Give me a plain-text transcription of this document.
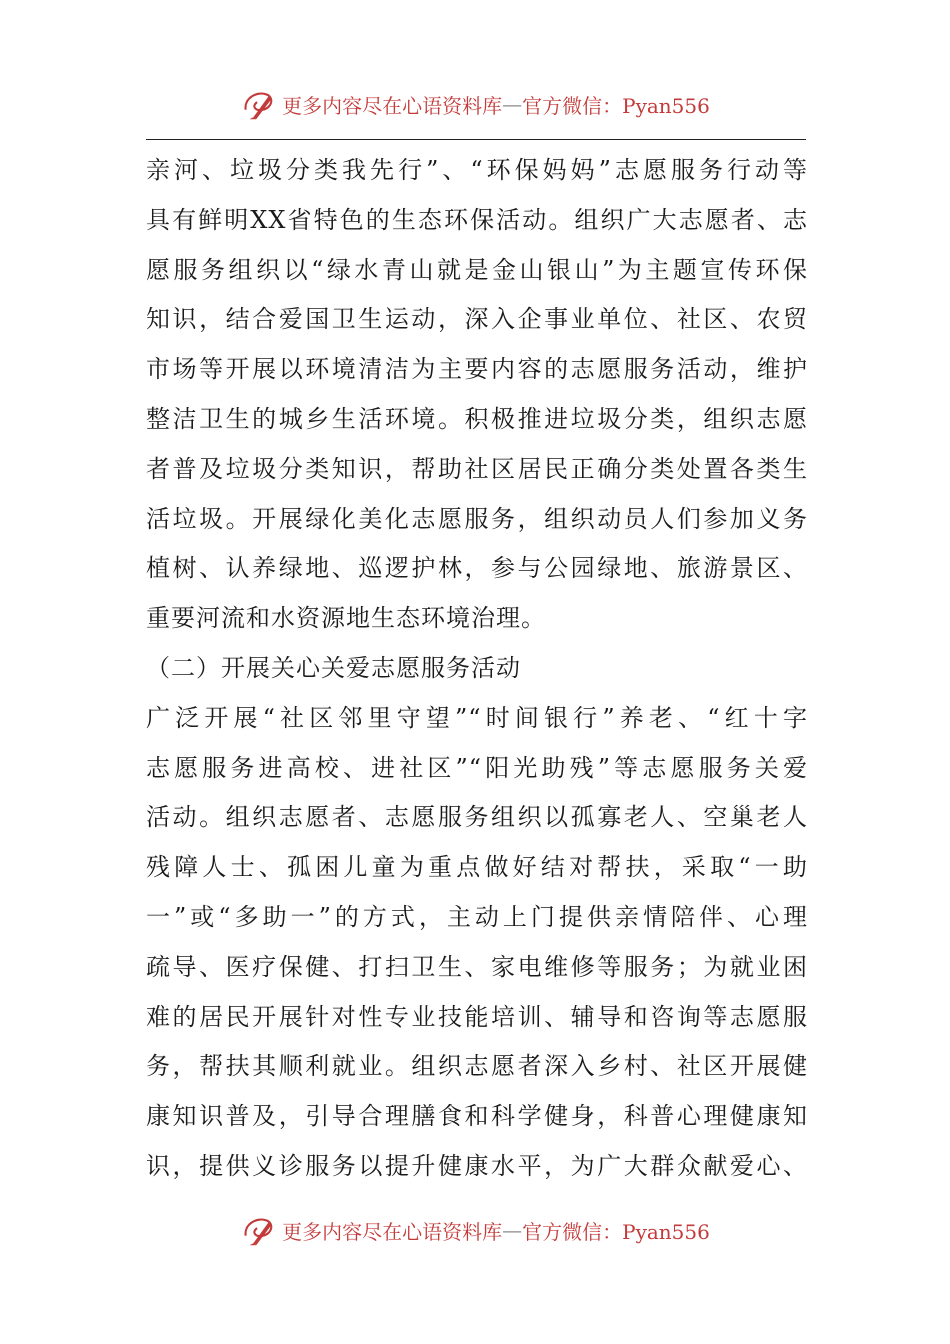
更多内容尽在心语资料库 — 官方微信：Pyan556
亲河、垃圾分类我先行”、“环保妈妈”志愿服务行动等
具有鲜明XX省特色的生态环保活动。组织广大志愿者、志
愿服务组织以“绿水青山就是金山银山”为主题宣传环保
知识，结合爱国卫生运动，深入企事业单位、社区、农贸
市场等开展以环境清洁为主要内容的志愿服务活动，维护
整洁卫生的城乡生活环境。积极推进垃圾分类，组织志愿
者普及垃圾分类知识，帮助社区居民正确分类处置各类生
活垃圾。开展绿化美化志愿服务，组织动员人们参加义务
植树、认养绿地、巡逻护林，参与公园绿地、旅游景区、
重要河流和水资源地生态环境治理。
（二）开展关心关爱志愿服务活动
广泛开展“社区邻里守望”“时间银行”养老、“红十字
志愿服务进高校、进社区”“阳光助残”等志愿服务关爱
活动。组织志愿者、志愿服务组织以孤寡老人、空巢老人
残障人士、孤困儿童为重点做好结对帮扶，采取“一助
一”或“多助一”的方式，主动上门提供亲情陪伴、心理
疏导、医疗保健、打扫卫生、家电维修等服务；为就业困
难的居民开展针对性专业技能培训、辅导和咨询等志愿服
务，帮扶其顺利就业。组织志愿者深入乡村、社区开展健
康知识普及，引导合理膳食和科学健身，科普心理健康知
识，提供义诊服务以提升健康水平，为广大群众献爱心、
更多内容尽在心语资料库 — 官方微信：Pyan556
